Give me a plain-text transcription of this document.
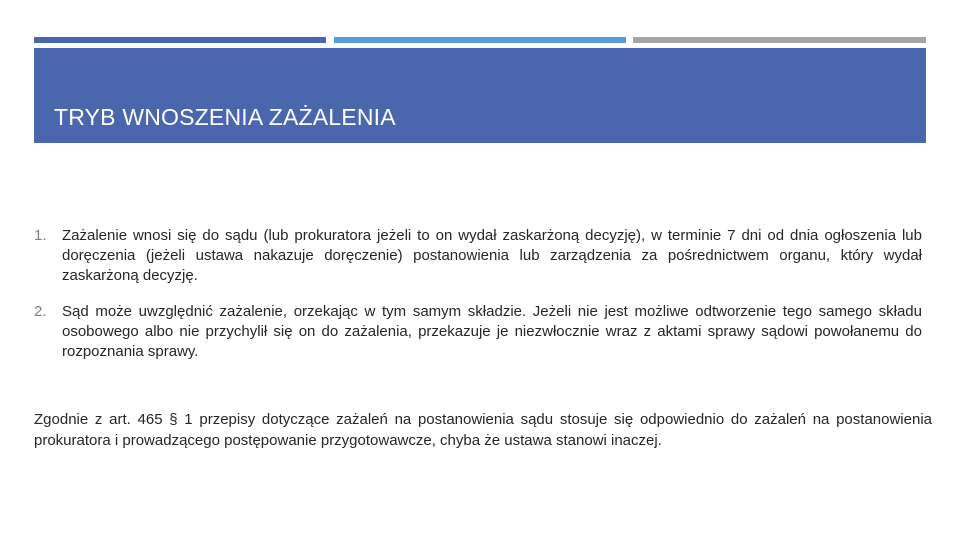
TRYB WNOSZENIA ZAŻALENIA
1. Zażalenie wnosi się do sądu (lub prokuratora jeżeli to on wydał zaskarżoną decyzję), w terminie 7 dni od dnia ogłoszenia lub doręczenia (jeżeli ustawa nakazuje doręczenie) postanowienia lub zarządzenia za pośrednictwem organu, który wydał zaskarżoną decyzję.

2. Sąd może uwzględnić zażalenie, orzekając w tym samym składzie. Jeżeli nie jest możliwe odtworzenie tego samego składu osobowego albo nie przychylił się on do zażalenia, przekazuje je niezwłocznie wraz z aktami sprawy sądowi powołanemu do rozpoznania sprawy.

Zgodnie z art. 465 § 1 przepisy dotyczące zażaleń na postanowienia sądu stosuje się odpowiednio do zażaleń na postanowienia prokuratora i prowadzącego postępowanie przygotowawcze, chyba że ustawa stanowi inaczej.
